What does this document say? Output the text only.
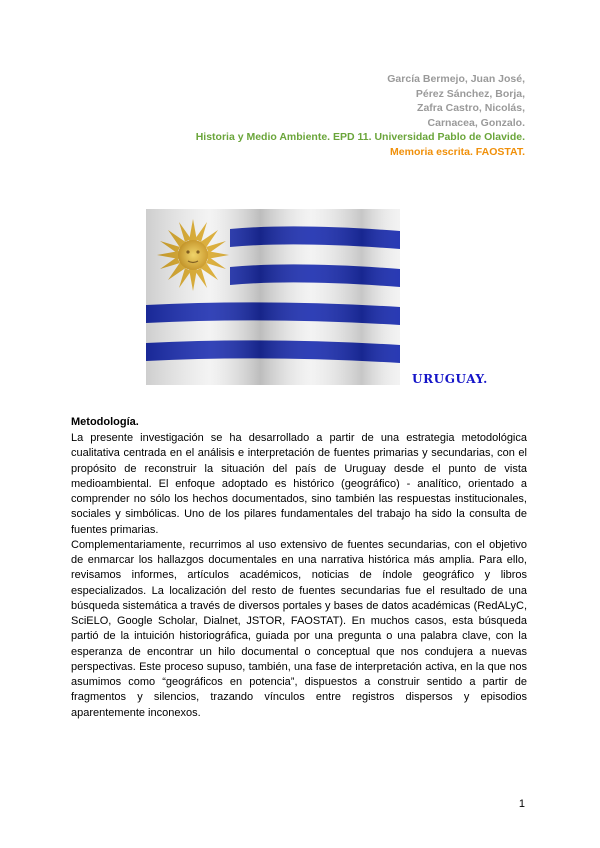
García Bermejo, Juan José,
Pérez Sánchez, Borja,
Zafra Castro, Nicolás,
Carnacea, Gonzalo.
Historia y Medio Ambiente. EPD 11. Universidad Pablo de Olavide.
Memoria escrita. FAOSTAT.
URUGUAY.
Metodología.

La presente investigación se ha desarrollado a partir de una estrategia metodológica cualitativa centrada en el análisis e interpretación de fuentes primarias y secundarias, con el propósito de reconstruir la situación del país de Uruguay desde el punto de vista medioambiental. El enfoque adoptado es histórico (geográfico) - analítico, orientado a comprender no sólo los hechos documentados, sino también las respuestas institucionales, sociales y simbólicas. Uno de los pilares fundamentales del trabajo ha sido la consulta de fuentes primarias.

Complementariamente, recurrimos al uso extensivo de fuentes secundarias, con el objetivo de enmarcar los hallazgos documentales en una narrativa histórica más amplia. Para ello, revisamos informes, artículos académicos, noticias de índole geográfico y libros especializados. La localización del resto de fuentes secundarias fue el resultado de una búsqueda sistemática a través de diversos portales y bases de datos académicas (RedALyC, SciELO, Google Scholar, Dialnet, JSTOR, FAOSTAT). En muchos casos, esta búsqueda partió de la intuición historiográfica, guiada por una pregunta o una palabra clave, con la esperanza de encontrar un hilo documental o conceptual que nos condujera a nuevas perspectivas. Este proceso supuso, también, una fase de interpretación activa, en la que nos asumimos como “geográficos en potencia”, dispuestos a construir sentido a partir de fragmentos y silencios, trazando vínculos entre registros dispersos y episodios aparentemente inconexos.

1
